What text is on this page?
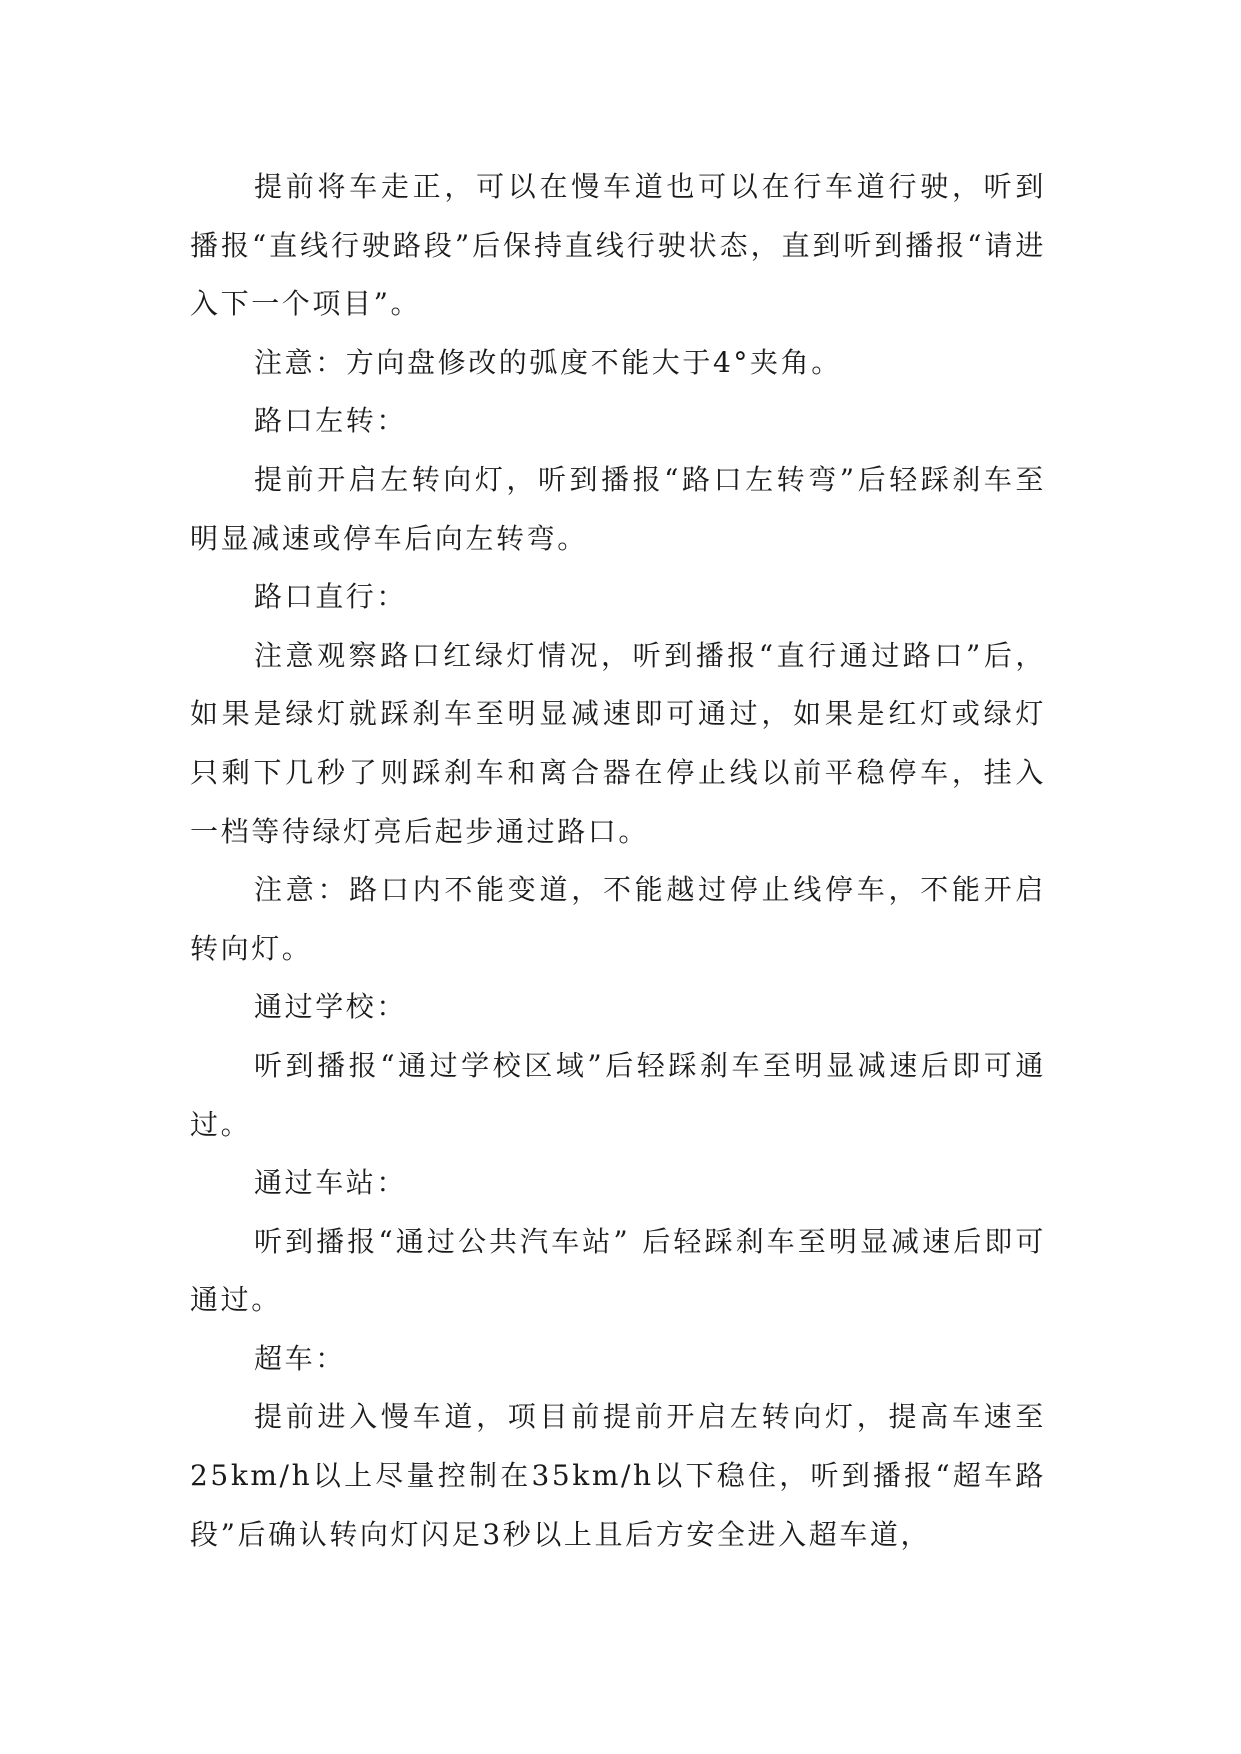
提前将车走正，可以在慢车道也可以在行车道行驶，听到播报“直线行驶路段”后保持直线行驶状态，直到听到播报“请进入下一个项目”。

注意：方向盘修改的弧度不能大于4°夹角。

路口左转：

提前开启左转向灯，听到播报“路口左转弯”后轻踩刹车至明显减速或停车后向左转弯。

路口直行：

注意观察路口红绿灯情况，听到播报“直行通过路口”后，如果是绿灯就踩刹车至明显减速即可通过，如果是红灯或绿灯只剩下几秒了则踩刹车和离合器在停止线以前平稳停车，挂入一档等待绿灯亮后起步通过路口。

注意：路口内不能变道，不能越过停止线停车，不能开启转向灯。

通过学校：

听到播报“通过学校区域”后轻踩刹车至明显减速后即可通过。

通过车站：

听到播报“通过公共汽车站” 后轻踩刹车至明显减速后即可通过。

超车：

提前进入慢车道，项目前提前开启左转向灯，提高车速至25km/h以上尽量控制在35km/h以下稳住，听到播报“超车路段”后确认转向灯闪足3秒以上且后方安全进入超车道，
